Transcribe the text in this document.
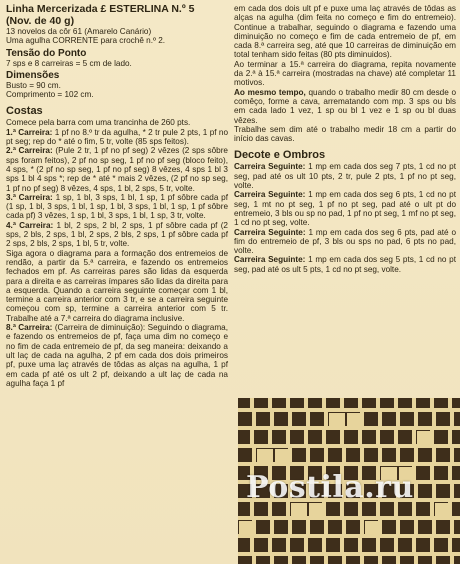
Linha Mercerizada £ ESTERLINA N.º 5

(Nov. de 40 g)

13 novelos da côr 61 (Amarelo Canário)

Uma agulha CORRENTE para crochê n.º 2.

Tensão do Ponto

7 sps e 8 carreiras = 5 cm de lado.

Dimensões

Busto = 90 cm.

Comprimento = 102 cm.

Costas

Comece pela barra com uma trancinha de 260 pts.

1.ª Carreira: 1 pf no 8.º tr da agulha, * 2 tr pule 2 pts, 1 pf no pt seg; rep do * até o fim, 5 tr, volte (85 sps feitos).

2.ª Carreira: (Pule 2 tr, 1 pf no pf seg) 2 vêzes (2 sps sôbre sps foram feitos), 2 pf no sp seg, 1 pf no pf seg (bloco feito), 4 sps, * (2 pf no sp seg, 1 pf no pf seg) 8 vêzes, 4 sps 1 bl 3 sps 1 bl 4 sps *; rep de * até * mais 2 vêzes, (2 pf no sp seg, 1 pf no pf seg) 8 vêzes, 4 sps, 1 bl, 2 sps, 5 tr, volte.

3.ª Carreira: 1 sp, 1 bl, 3 sps, 1 bl, 1 sp, 1 pf sôbre cada pf (1 sp, 1 bl, 3 sps, 1 bl, 1 sp, 1 bl, 3 sps, 1 bl, 1 sp, 1 pf sôbre cada pf) 3 vêzes, 1 sp, 1 bl, 3 sps, 1 bl, 1 sp, 3 tr, volte.

4.ª Carreira: 1 bl, 2 sps, 2 bl, 2 sps, 1 pf sôbre cada pf (2 sps, 2 bls, 2 sps, 1 bl, 2 sps, 2 bls, 2 sps, 1 pf sôbre cada pf 2 sps, 2 bls, 2 sps, 1 bl, 5 tr, volte.

Siga agora o diagrama para a formação dos entremeios de rendão, a partir da 5.ª carreira, e fazendo os entremeios fechados em pf. As carreiras pares são lidas da esquerda para a direita e as carreiras ímpares são lidas da direita para a esquerda. Quando a carreira seguinte começar com 1 bl, termine a carreira anterior com 3 tr, e se a carreira seguinte começou com sp, termine a carreira anterior com 5 tr. Trabalhe até a 7.ª carreira do diagrama inclusive.

8.ª Carreira: (Carreira de diminuição): Seguindo o diagrama, e fazendo os entremeios de pf, faça uma dim no começo e no fim de cada entremeio de pf, da seg maneira: deixando a ult laç de cada na agulha, 2 pf em cada dos dois primeiros pf, puxe uma laç através de tôdas as alças na agulha, 1 pf em cada pf até os ult 2 pf, deixando a ult laç de cada na agulha faça 1 pf

em cada dos dois ult pf e puxe uma laç através de tôdas as alças na agulha (dim feita no começo e fim do entremeio). Continue a trabalhar, seguindo o diagrama e fazendo uma diminuição no começo e fim de cada entremeio de pf, em cada 8.ª carreira seg, até que 10 carreiras de diminuição em total tenham sido feitas (80 pts diminuidos).

Ao terminar a 15.ª carreira do diagrama, repita novamente da 2.ª à 15.ª carreira (mostradas na chave) até completar 11 motivos.

Ao mesmo tempo, quando o trabalho medir 80 cm desde o comêço, forme a cava, arrematando com mp. 3 sps ou bls em cada lado 1 vez, 1 sp ou bl 1 vez e 1 sp ou bl duas vêzes.

Trabalhe sem dim até o trabalho medir 18 cm a partir do início das cavas.

Decote e Ombros

Carreira Seguinte: 1 mp em cada dos seg 7 pts, 1 cd no pt seg, pad até os ult 10 pts, 2 tr, pule 2 pts, 1 pf no pt seg, volte.

Carreira Seguinte: 1 mp em cada dos seg 6 pts, 1 cd no pt seg, 1 mt no pt seg, 1 pf no pt seg, pad até o ult pt do entremeio, 3 bls ou sp no pad, 1 pf no pt seg, 1 mf no pt seg, 1 cd no pt seg, volte.

Carreira Seguinte: 1 mp em cada dos seg 6 pts, pad até o fim do entremeio de pf, 3 bls ou sps no pad, 6 pts no pad, volte.

Carreira Seguinte: 1 mp em cada dos seg 5 pts, 1 cd no pt seg, pad até os ult 5 pts, 1 cd no pt seg, volte.

Postila.ru
